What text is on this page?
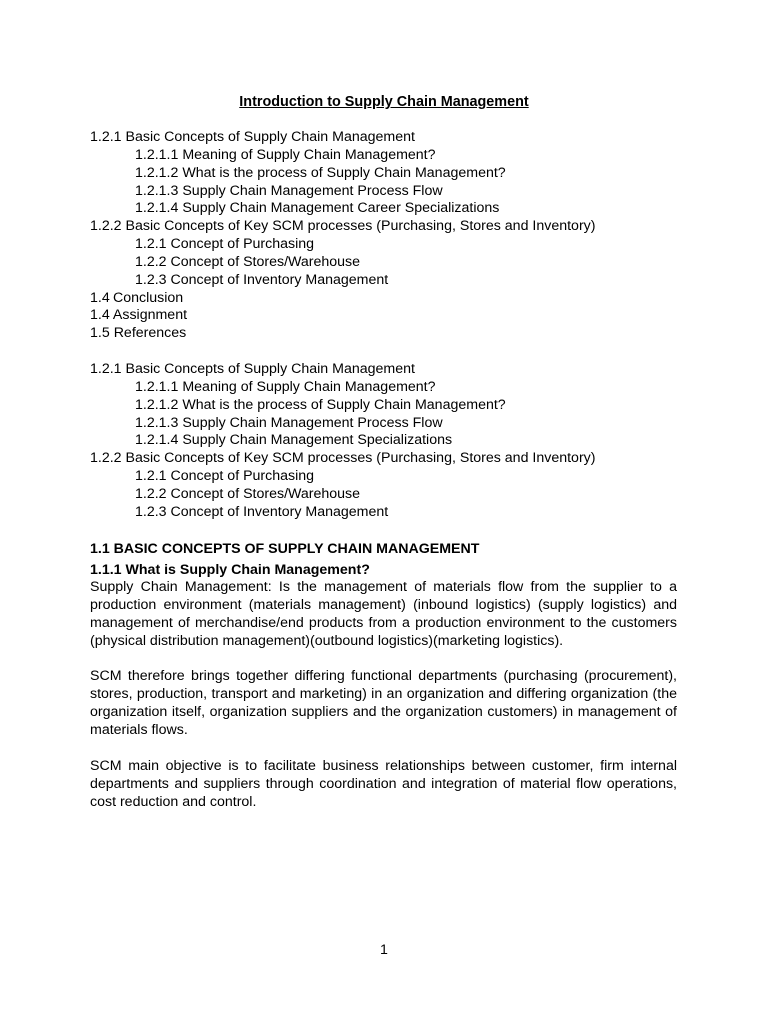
Introduction to Supply Chain Management
1.2.1 Basic Concepts of Supply Chain Management
1.2.1.1 Meaning of Supply Chain Management?
1.2.1.2 What is the process of Supply Chain Management?
1.2.1.3 Supply Chain Management Process Flow
1.2.1.4 Supply Chain Management Career Specializations
1.2.2 Basic Concepts of Key SCM processes (Purchasing, Stores and Inventory)
1.2.1 Concept of Purchasing
1.2.2 Concept of Stores/Warehouse
1.2.3 Concept of Inventory Management
1.4 Conclusion
1.4 Assignment
1.5 References
1.2.1 Basic Concepts of Supply Chain Management
1.2.1.1 Meaning of Supply Chain Management?
1.2.1.2 What is the process of Supply Chain Management?
1.2.1.3 Supply Chain Management Process Flow
1.2.1.4 Supply Chain Management Specializations
1.2.2 Basic Concepts of Key SCM processes (Purchasing, Stores and Inventory)
1.2.1 Concept of Purchasing
1.2.2 Concept of Stores/Warehouse
1.2.3 Concept of Inventory Management

1.1 BASIC CONCEPTS OF SUPPLY CHAIN MANAGEMENT

1.1.1 What is Supply Chain Management?

Supply Chain Management: Is the management of materials flow from the supplier to a production environment (materials management) (inbound logistics) (supply logistics) and management of merchandise/end products from a production environment to the customers (physical distribution management)(outbound logistics)(marketing logistics).

SCM therefore brings together differing functional departments (purchasing (procurement), stores, production, transport and marketing) in an organization and differing organization (the organization itself, organization suppliers and the organization customers) in management of materials flows.

SCM main objective is to facilitate business relationships between customer, firm internal departments and suppliers through coordination and integration of material flow operations, cost reduction and control.

1
